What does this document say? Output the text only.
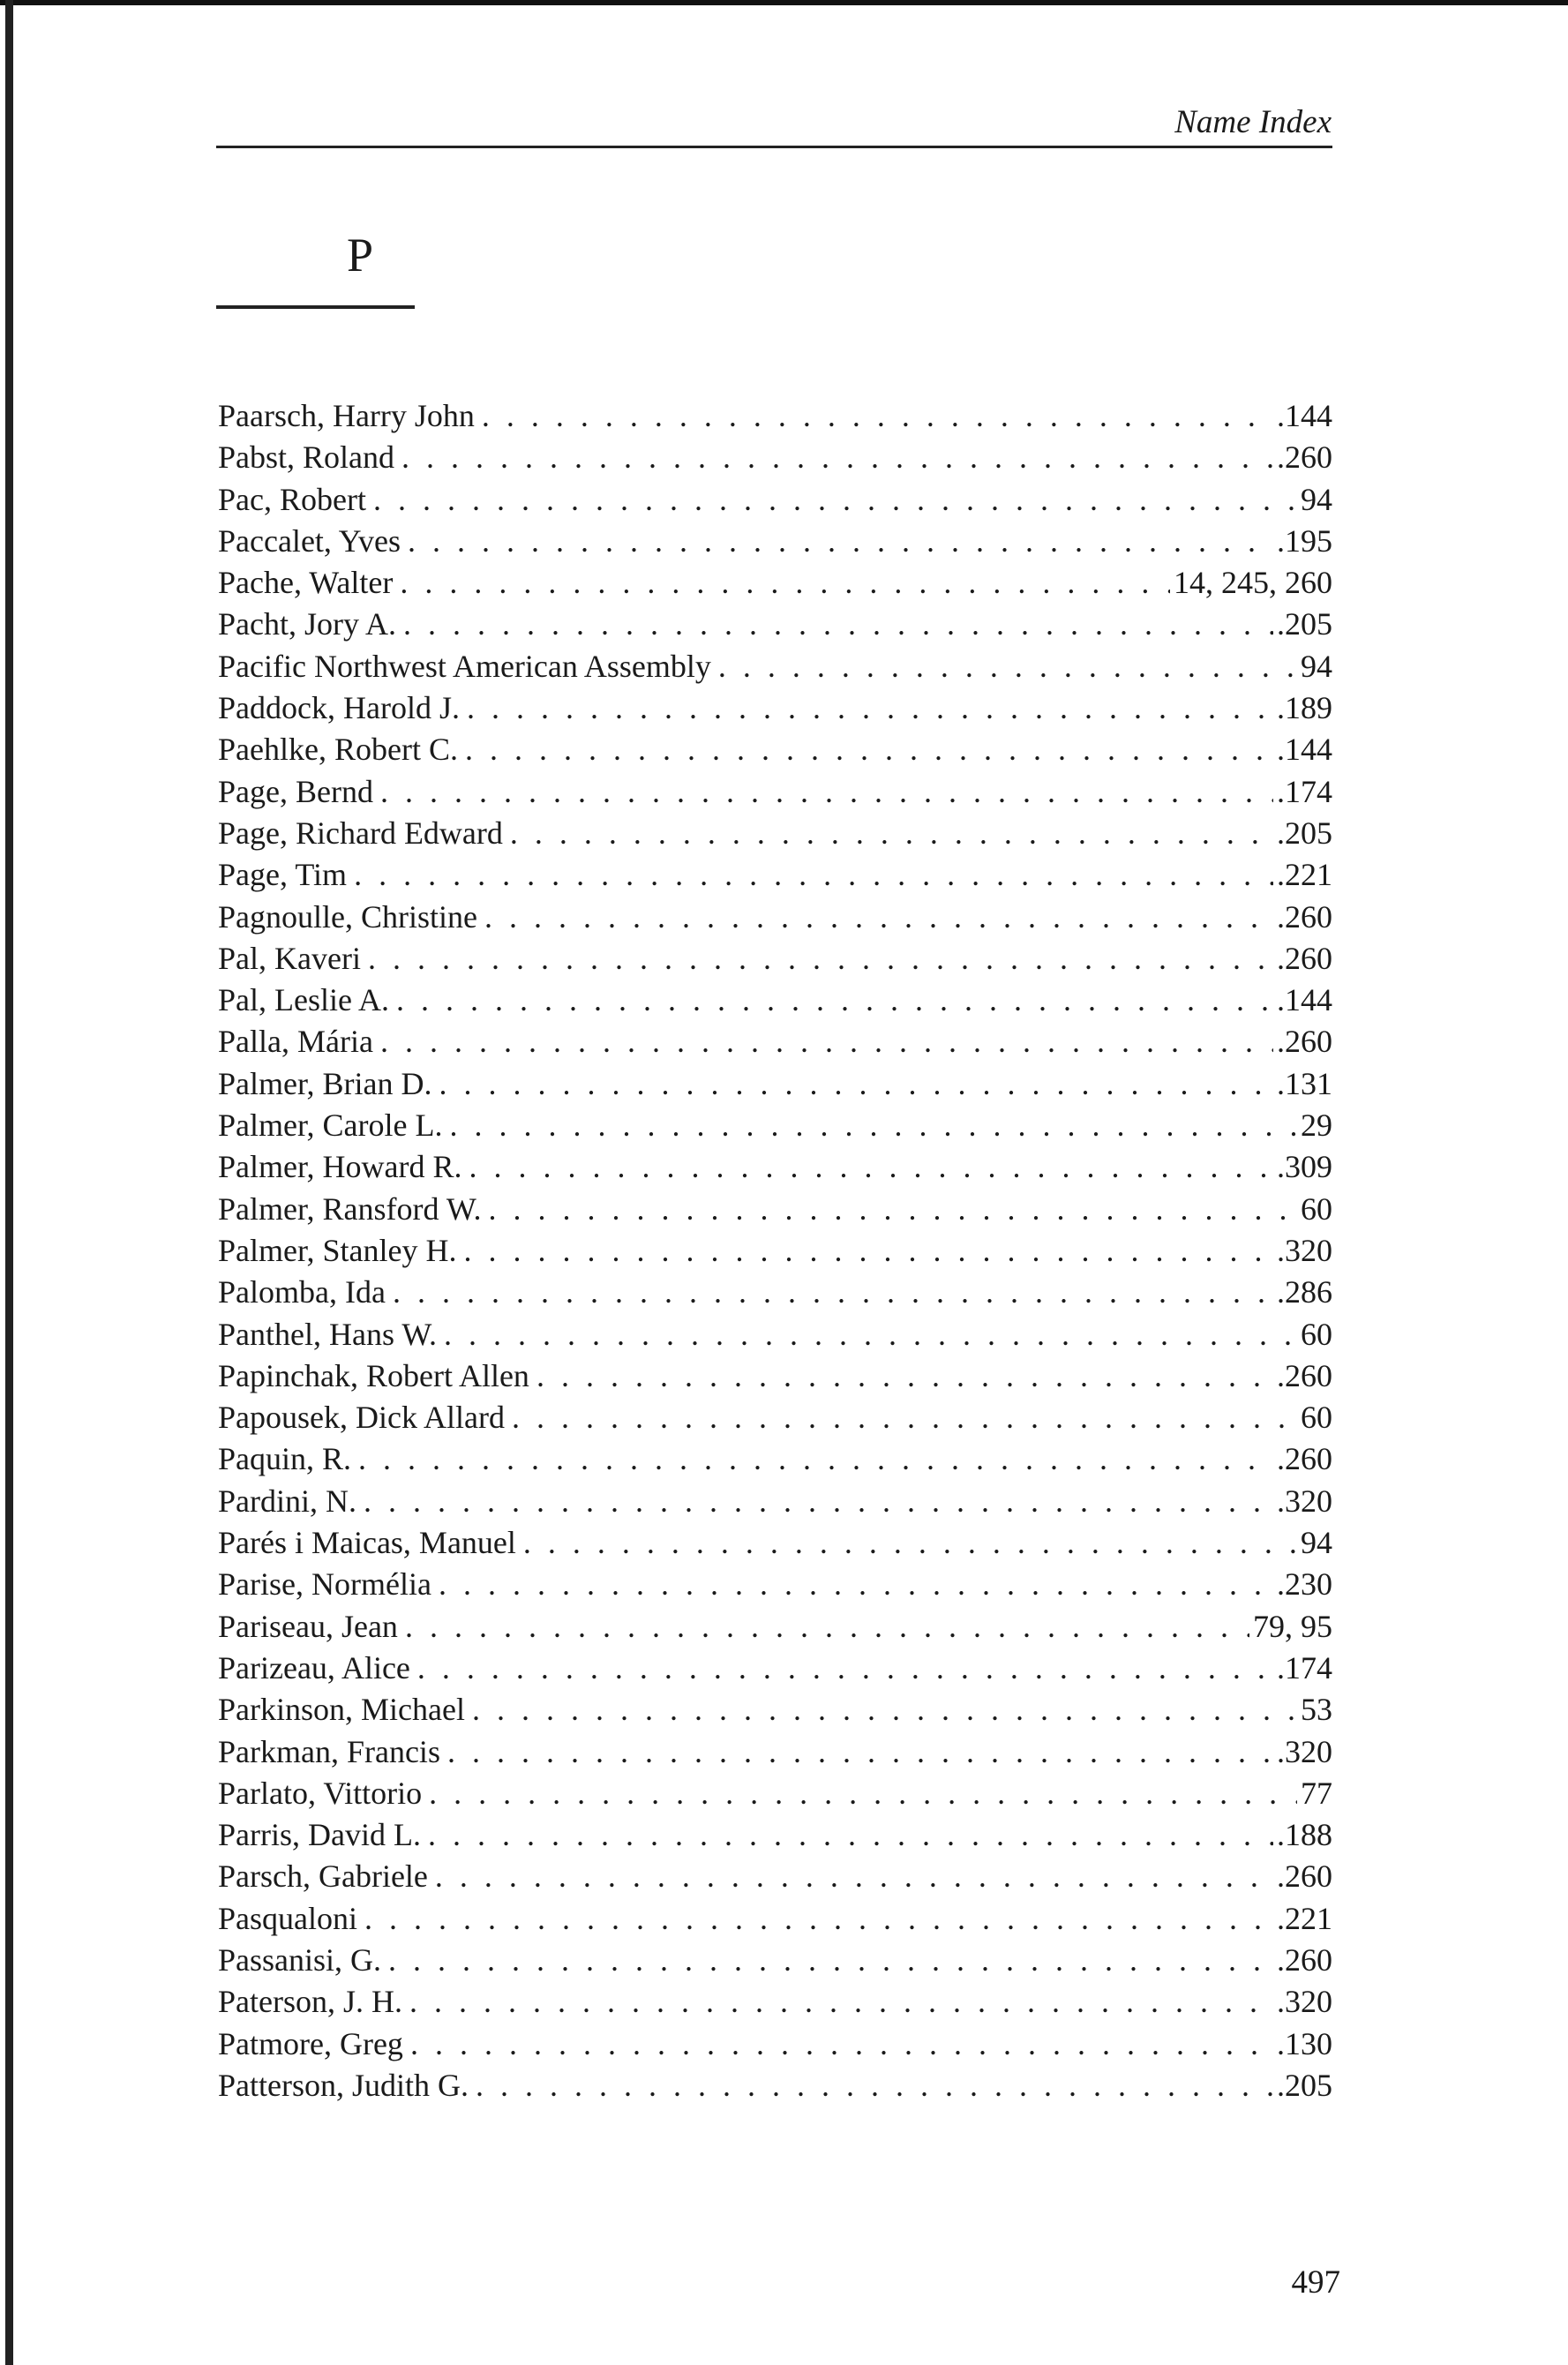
Name Index
P
Paarsch, Harry John . . .	.144
Pabst, Roland . . .	.260
Pac, Robert . . .	94
Paccalet, Yves . . .	.195
Pache, Walter . . .	14, 245, 260
Pacht, Jory A. . . .	.205
Pacific Northwest American Assembly . . .	94
Paddock, Harold J. . . .	.189
Paehlke, Robert C. . . .	.144
Page, Bernd . . .	.174
Page, Richard Edward . . .	.205
Page, Tim . . .	.221
Pagnoulle, Christine . . .	.260
Pal, Kaveri . . .	.260
Pal, Leslie A. . . .	.144
Palla, Mária . . .	.260
Palmer, Brian D. . . .	.131
Palmer, Carole L. . . .	29
Palmer, Howard R. . . .	.309
Palmer, Ransford W. . . .	60
Palmer, Stanley H. . . .	.320
Palomba, Ida . . .	.286
Panthel, Hans W. . . .	60
Papinchak, Robert Allen . . .	.260
Papousek, Dick Allard . . .	60
Paquin, R. . . .	.260
Pardini, N. . . .	.320
Parés i Maicas, Manuel . . .	94
Parise, Normélia . . .	.230
Pariseau, Jean . . .	79, 95
Parizeau, Alice . . .	.174
Parkinson, Michael . . .	53
Parkman, Francis . . .	.320
Parlato, Vittorio . . .	77
Parris, David L. . . .	.188
Parsch, Gabriele . . .	.260
Pasqualoni . . .	.221
Passanisi, G. . . .	.260
Paterson, J. H. . . .	.320
Patmore, Greg . . .	.130
Patterson, Judith G. . . .	.205
497
